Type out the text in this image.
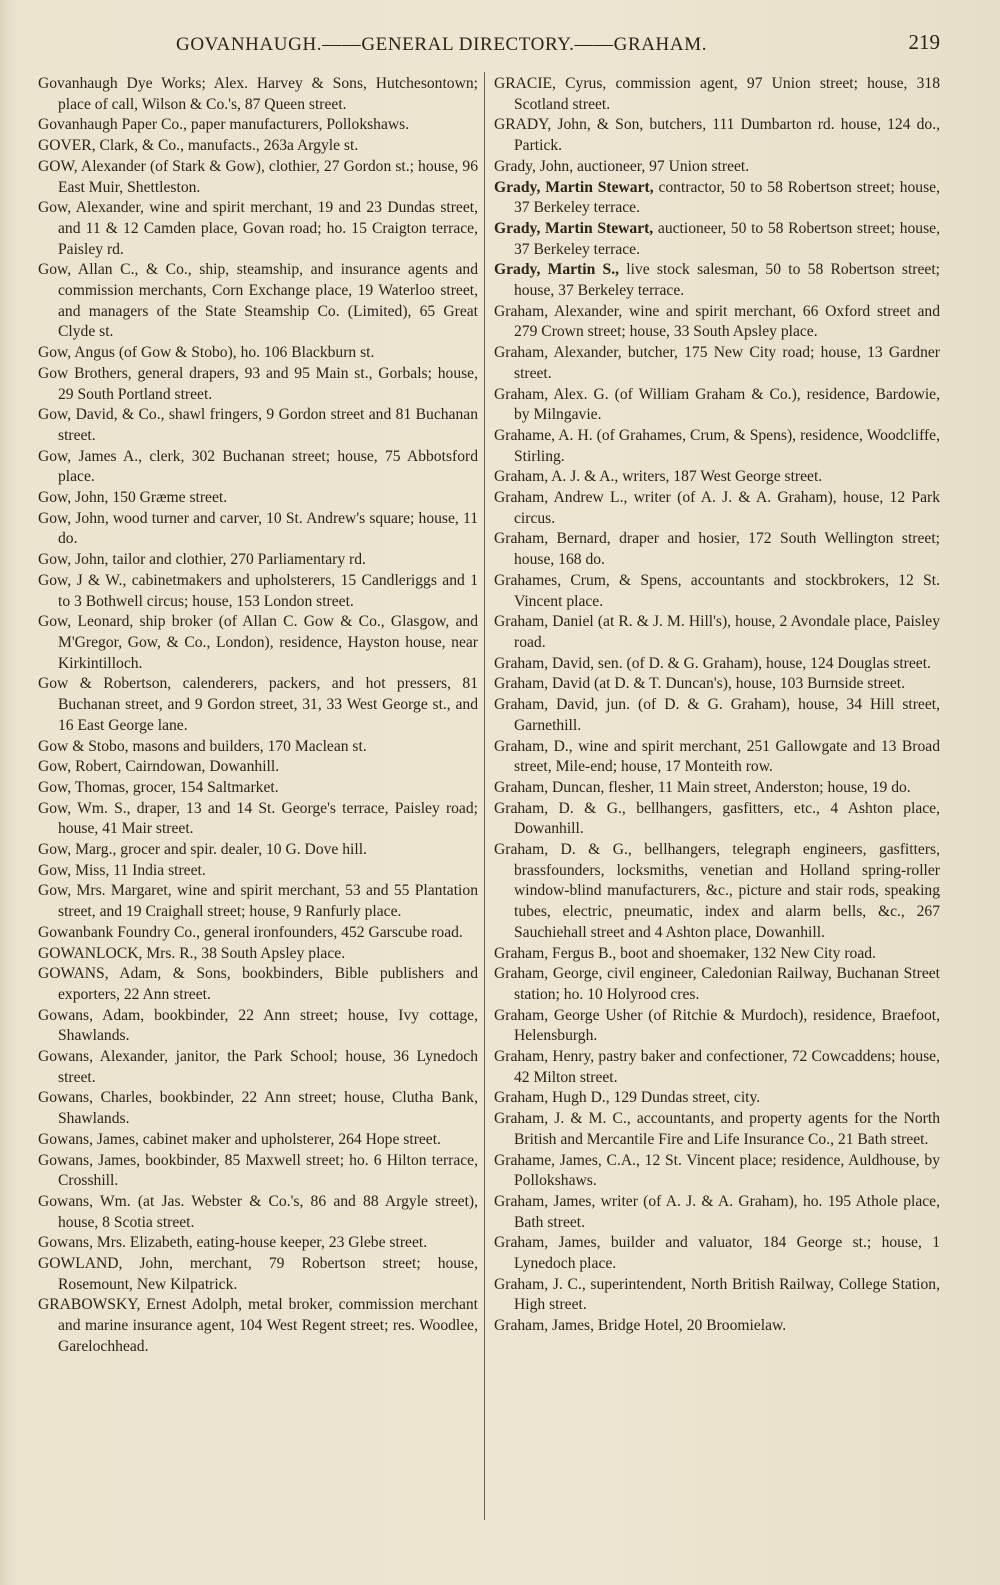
GOVANHAUGH.——GENERAL DIRECTORY.——GRAHAM.	219

Govanhaugh Dye Works; Alex. Harvey & Sons, Hutchesontown; place of call, Wilson & Co.'s, 87 Queen street.

Govanhaugh Paper Co., paper manufacturers, Pollokshaws.

GOVER, Clark, & Co., manufacts., 263a Argyle st.

GOW, Alexander (of Stark & Gow), clothier, 27 Gordon st.; house, 96 East Muir, Shettleston.

Gow, Alexander, wine and spirit merchant, 19 and 23 Dundas street, and 11 & 12 Camden place, Govan road; ho. 15 Craigton terrace, Paisley rd.

Gow, Allan C., & Co., ship, steamship, and insurance agents and commission merchants, Corn Exchange place, 19 Waterloo street, and managers of the State Steamship Co. (Limited), 65 Great Clyde st.

Gow, Angus (of Gow & Stobo), ho. 106 Blackburn st.

Gow Brothers, general drapers, 93 and 95 Main st., Gorbals; house, 29 South Portland street.

Gow, David, & Co., shawl fringers, 9 Gordon street and 81 Buchanan street.

Gow, James A., clerk, 302 Buchanan street; house, 75 Abbotsford place.

Gow, John, 150 Græme street.

Gow, John, wood turner and carver, 10 St. Andrew's square; house, 11 do.

Gow, John, tailor and clothier, 270 Parliamentary rd.

Gow, J & W., cabinetmakers and upholsterers, 15 Candleriggs and 1 to 3 Bothwell circus; house, 153 London street.

Gow, Leonard, ship broker (of Allan C. Gow & Co., Glasgow, and M'Gregor, Gow, & Co., London), residence, Hayston house, near Kirkintilloch.

Gow & Robertson, calenderers, packers, and hot pressers, 81 Buchanan street, and 9 Gordon street, 31, 33 West George st., and 16 East George lane.

Gow & Stobo, masons and builders, 170 Maclean st.

Gow, Robert, Cairndowan, Dowanhill.

Gow, Thomas, grocer, 154 Saltmarket.

Gow, Wm. S., draper, 13 and 14 St. George's terrace, Paisley road; house, 41 Mair street.

Gow, Marg., grocer and spir. dealer, 10 G. Dove hill.

Gow, Miss, 11 India street.

Gow, Mrs. Margaret, wine and spirit merchant, 53 and 55 Plantation street, and 19 Craighall street; house, 9 Ranfurly place.

Gowanbank Foundry Co., general ironfounders, 452 Garscube road.

GOWANLOCK, Mrs. R., 38 South Apsley place.

GOWANS, Adam, & Sons, bookbinders, Bible publishers and exporters, 22 Ann street.

Gowans, Adam, bookbinder, 22 Ann street; house, Ivy cottage, Shawlands.

Gowans, Alexander, janitor, the Park School; house, 36 Lynedoch street.

Gowans, Charles, bookbinder, 22 Ann street; house, Clutha Bank, Shawlands.

Gowans, James, cabinet maker and upholsterer, 264 Hope street.

Gowans, James, bookbinder, 85 Maxwell street; ho. 6 Hilton terrace, Crosshill.

Gowans, Wm. (at Jas. Webster & Co.'s, 86 and 88 Argyle street), house, 8 Scotia street.

Gowans, Mrs. Elizabeth, eating-house keeper, 23 Glebe street.

GOWLAND, John, merchant, 79 Robertson street; house, Rosemount, New Kilpatrick.

GRABOWSKY, Ernest Adolph, metal broker, commission merchant and marine insurance agent, 104 West Regent street; res. Woodlee, Garelochhead.

GRACIE, Cyrus, commission agent, 97 Union street; house, 318 Scotland street.

GRADY, John, & Son, butchers, 111 Dumbarton rd. house, 124 do., Partick.

Grady, John, auctioneer, 97 Union street.

Grady, Martin Stewart, contractor, 50 to 58 Robertson street; house, 37 Berkeley terrace.

Grady, Martin Stewart, auctioneer, 50 to 58 Robertson street; house, 37 Berkeley terrace.

Grady, Martin S., live stock salesman, 50 to 58 Robertson street; house, 37 Berkeley terrace.

Graham, Alexander, wine and spirit merchant, 66 Oxford street and 279 Crown street; house, 33 South Apsley place.

Graham, Alexander, butcher, 175 New City road; house, 13 Gardner street.

Graham, Alex. G. (of William Graham & Co.), residence, Bardowie, by Milngavie.

Grahame, A. H. (of Grahames, Crum, & Spens), residence, Woodcliffe, Stirling.

Graham, A. J. & A., writers, 187 West George street.

Graham, Andrew L., writer (of A. J. & A. Graham), house, 12 Park circus.

Graham, Bernard, draper and hosier, 172 South Wellington street; house, 168 do.

Grahames, Crum, & Spens, accountants and stockbrokers, 12 St. Vincent place.

Graham, Daniel (at R. & J. M. Hill's), house, 2 Avondale place, Paisley road.

Graham, David, sen. (of D. & G. Graham), house, 124 Douglas street.

Graham, David (at D. & T. Duncan's), house, 103 Burnside street.

Graham, David, jun. (of D. & G. Graham), house, 34 Hill street, Garnethill.

Graham, D., wine and spirit merchant, 251 Gallowgate and 13 Broad street, Mile-end; house, 17 Monteith row.

Graham, Duncan, flesher, 11 Main street, Anderston; house, 19 do.

Graham, D. & G., bellhangers, gasfitters, etc., 4 Ashton place, Dowanhill.

Graham, D. & G., bellhangers, telegraph engineers, gasfitters, brassfounders, locksmiths, venetian and Holland spring-roller window-blind manufacturers, &c., picture and stair rods, speaking tubes, electric, pneumatic, index and alarm bells, &c., 267 Sauchiehall street and 4 Ashton place, Dowanhill.

Graham, Fergus B., boot and shoemaker, 132 New City road.

Graham, George, civil engineer, Caledonian Railway, Buchanan Street station; ho. 10 Holyrood cres.

Graham, George Usher (of Ritchie & Murdoch), residence, Braefoot, Helensburgh.

Graham, Henry, pastry baker and confectioner, 72 Cowcaddens; house, 42 Milton street.

Graham, Hugh D., 129 Dundas street, city.

Graham, J. & M. C., accountants, and property agents for the North British and Mercantile Fire and Life Insurance Co., 21 Bath street.

Grahame, James, C.A., 12 St. Vincent place; residence, Auldhouse, by Pollokshaws.

Graham, James, writer (of A. J. & A. Graham), ho. 195 Athole place, Bath street.

Graham, James, builder and valuator, 184 George st.; house, 1 Lynedoch place.

Graham, J. C., superintendent, North British Railway, College Station, High street.

Graham, James, Bridge Hotel, 20 Broomielaw.
